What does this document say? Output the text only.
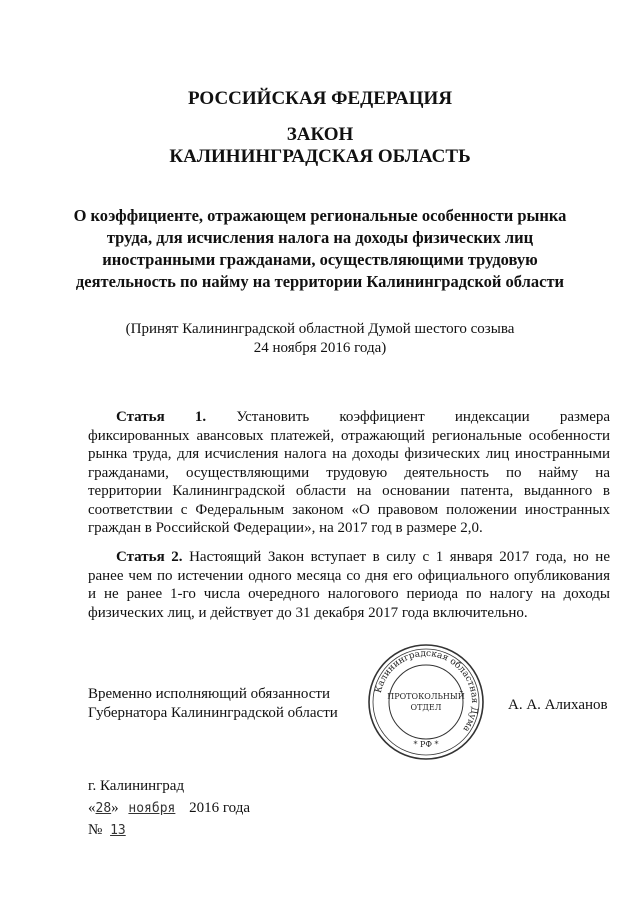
РОССИЙСКАЯ ФЕДЕРАЦИЯ
ЗАКОН
КАЛИНИНГРАДСКАЯ ОБЛАСТЬ
О коэффициенте, отражающем региональные особенности рынка
труда, для исчисления налога на доходы физических лиц
иностранными гражданами, осуществляющими трудовую
деятельность по найму на территории Калининградской области
(Принят Калининградской областной Думой шестого созыва
24 ноября 2016 года)
Статья 1. Установить коэффициент индексации размера
фиксированных авансовых платежей, отражающий региональные особенности
рынка труда, для исчисления налога на доходы физических лиц иностранными
гражданами, осуществляющими трудовую деятельность по найму на
территории Калининградской области на основании патента, выданного в
соответствии с Федеральным законом «О правовом положении иностранных
граждан в Российской Федерации», на 2017 год в размере 2,0.
Статья 2. Настоящий Закон вступает в силу с 1 января 2017 года, но не
ранее чем по истечении одного месяца со дня его официального опубликования
и не ранее 1-го числа очередного налогового периода по налогу на доходы
физических лиц, и действует до 31 декабря 2017 года включительно.
Временно исполняющий обязанности
Губернатора Калининградской области
Калининградская областная Дума
ПРОТОКОЛЬНЫЙ
ОТДЕЛ
* РФ *
А. А. Алиханов
г. Калининград
«28» ноября 2016 года
№ 13
